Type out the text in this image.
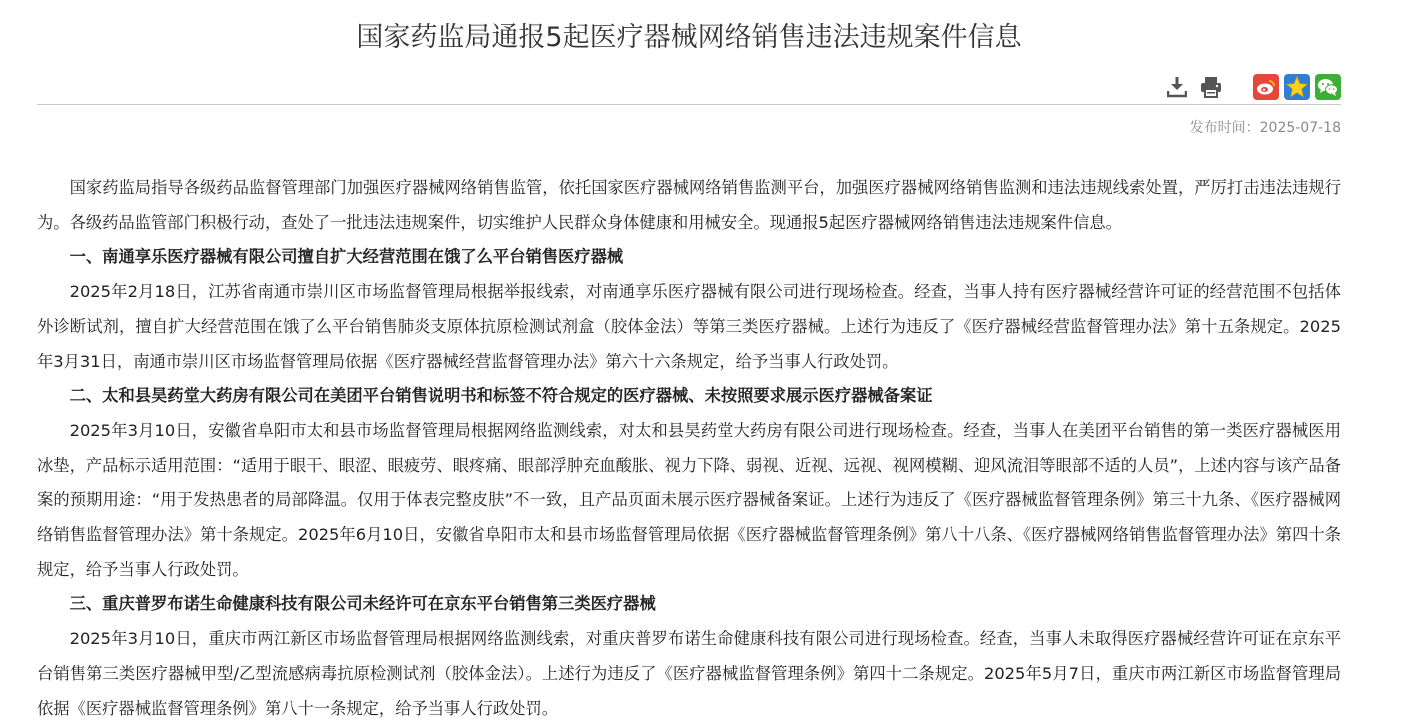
国家药监局通报5起医疗器械网络销售违法违规案件信息
发布时间：2025-07-18

国家药监局指导各级药品监督管理部门加强医疗器械网络销售监管，依托国家医疗器械网络销售监测平台，加强医疗器械网络销售监测和违法违规线索处置，严厉打击违法违规行为。各级药品监管部门积极行动，查处了一批违法违规案件，切实维护人民群众身体健康和用械安全。现通报5起医疗器械网络销售违法违规案件信息。

一、南通享乐医疗器械有限公司擅自扩大经营范围在饿了么平台销售医疗器械

2025年2月18日，江苏省南通市崇川区市场监督管理局根据举报线索，对南通享乐医疗器械有限公司进行现场检查。经查，当事人持有医疗器械经营许可证的经营范围不包括体外诊断试剂，擅自扩大经营范围在饿了么平台销售肺炎支原体抗原检测试剂盒（胶体金法）等第三类医疗器械。上述行为违反了《医疗器械经营监督管理办法》第十五条规定。2025年3月31日，南通市崇川区市场监督管理局依据《医疗器械经营监督管理办法》第六十六条规定，给予当事人行政处罚。

二、太和县昊药堂大药房有限公司在美团平台销售说明书和标签不符合规定的医疗器械、未按照要求展示医疗器械备案证

2025年3月10日，安徽省阜阳市太和县市场监督管理局根据网络监测线索，对太和县昊药堂大药房有限公司进行现场检查。经查，当事人在美团平台销售的第一类医疗器械医用冰垫，产品标示适用范围：“适用于眼干、眼涩、眼疲劳、眼疼痛、眼部浮肿充血酸胀、视力下降、弱视、近视、远视、视网模糊、迎风流泪等眼部不适的人员”，上述内容与该产品备案的预期用途：“用于发热患者的局部降温。仅用于体表完整皮肤”不一致，且产品页面未展示医疗器械备案证。上述行为违反了《医疗器械监督管理条例》第三十九条、《医疗器械网络销售监督管理办法》第十条规定。2025年6月10日，安徽省阜阳市太和县市场监督管理局依据《医疗器械监督管理条例》第八十八条、《医疗器械网络销售监督管理办法》第四十条规定，给予当事人行政处罚。

三、重庆普罗布诺生命健康科技有限公司未经许可在京东平台销售第三类医疗器械

2025年3月10日，重庆市两江新区市场监督管理局根据网络监测线索，对重庆普罗布诺生命健康科技有限公司进行现场检查。经查，当事人未取得医疗器械经营许可证在京东平台销售第三类医疗器械甲型/乙型流感病毒抗原检测试剂（胶体金法）。上述行为违反了《医疗器械监督管理条例》第四十二条规定。2025年5月7日，重庆市两江新区市场监督管理局依据《医疗器械监督管理条例》第八十一条规定，给予当事人行政处罚。
